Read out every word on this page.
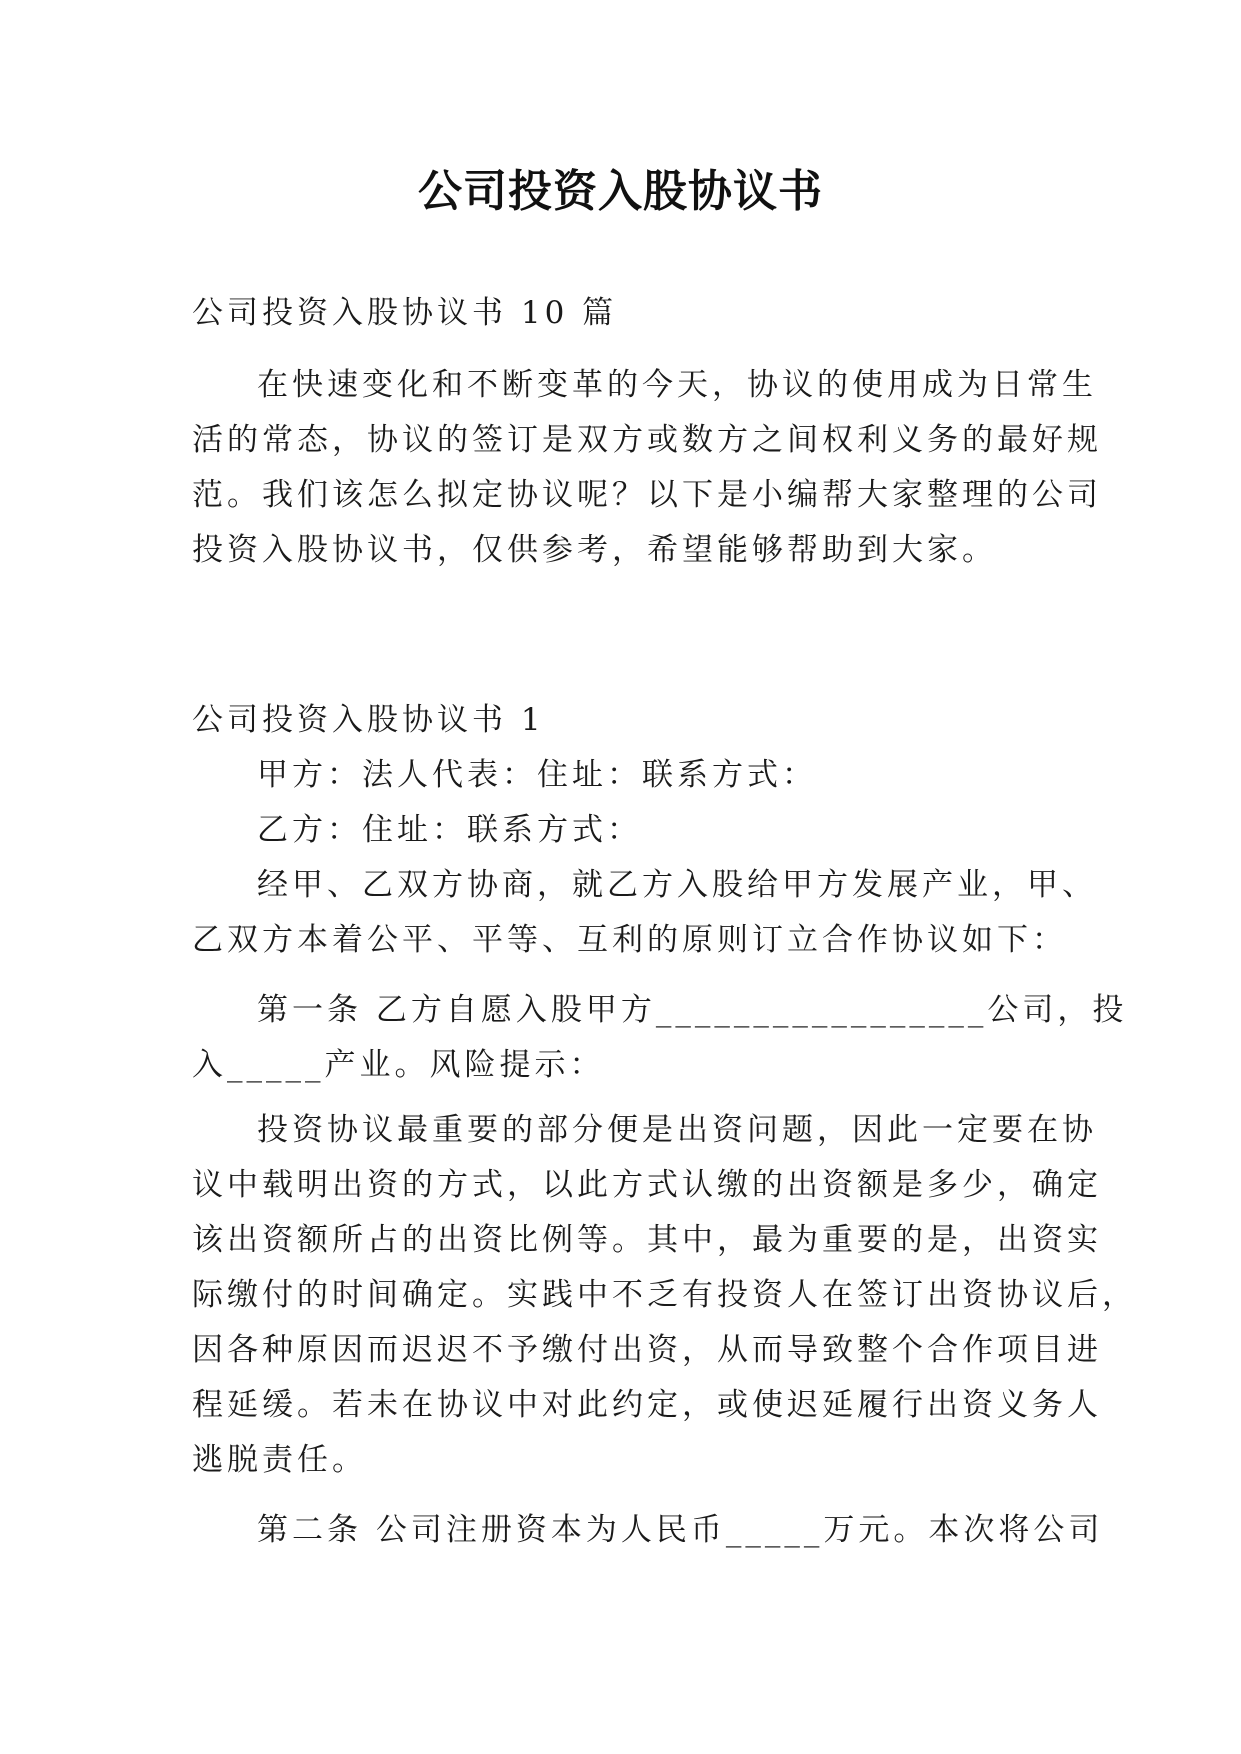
公司投资入股协议书
公司投资入股协议书 10 篇
在快速变化和不断变革的今天，协议的使用成为日常生
活的常态，协议的签订是双方或数方之间权利义务的最好规
范。我们该怎么拟定协议呢？以下是小编帮大家整理的公司
投资入股协议书，仅供参考，希望能够帮助到大家。
公司投资入股协议书 1
甲方：法人代表：住址：联系方式：
乙方：住址：联系方式：
经甲、乙双方协商，就乙方入股给甲方发展产业，甲、
乙双方本着公平、平等、互利的原则订立合作协议如下：
第一条 乙方自愿入股甲方_________________公司，投
入_____产业。风险提示：
投资协议最重要的部分便是出资问题，因此一定要在协
议中载明出资的方式，以此方式认缴的出资额是多少，确定
该出资额所占的出资比例等。其中，最为重要的是，出资实
际缴付的时间确定。实践中不乏有投资人在签订出资协议后，
因各种原因而迟迟不予缴付出资，从而导致整个合作项目进
程延缓。若未在协议中对此约定，或使迟延履行出资义务人
逃脱责任。
第二条 公司注册资本为人民币_____万元。本次将公司
